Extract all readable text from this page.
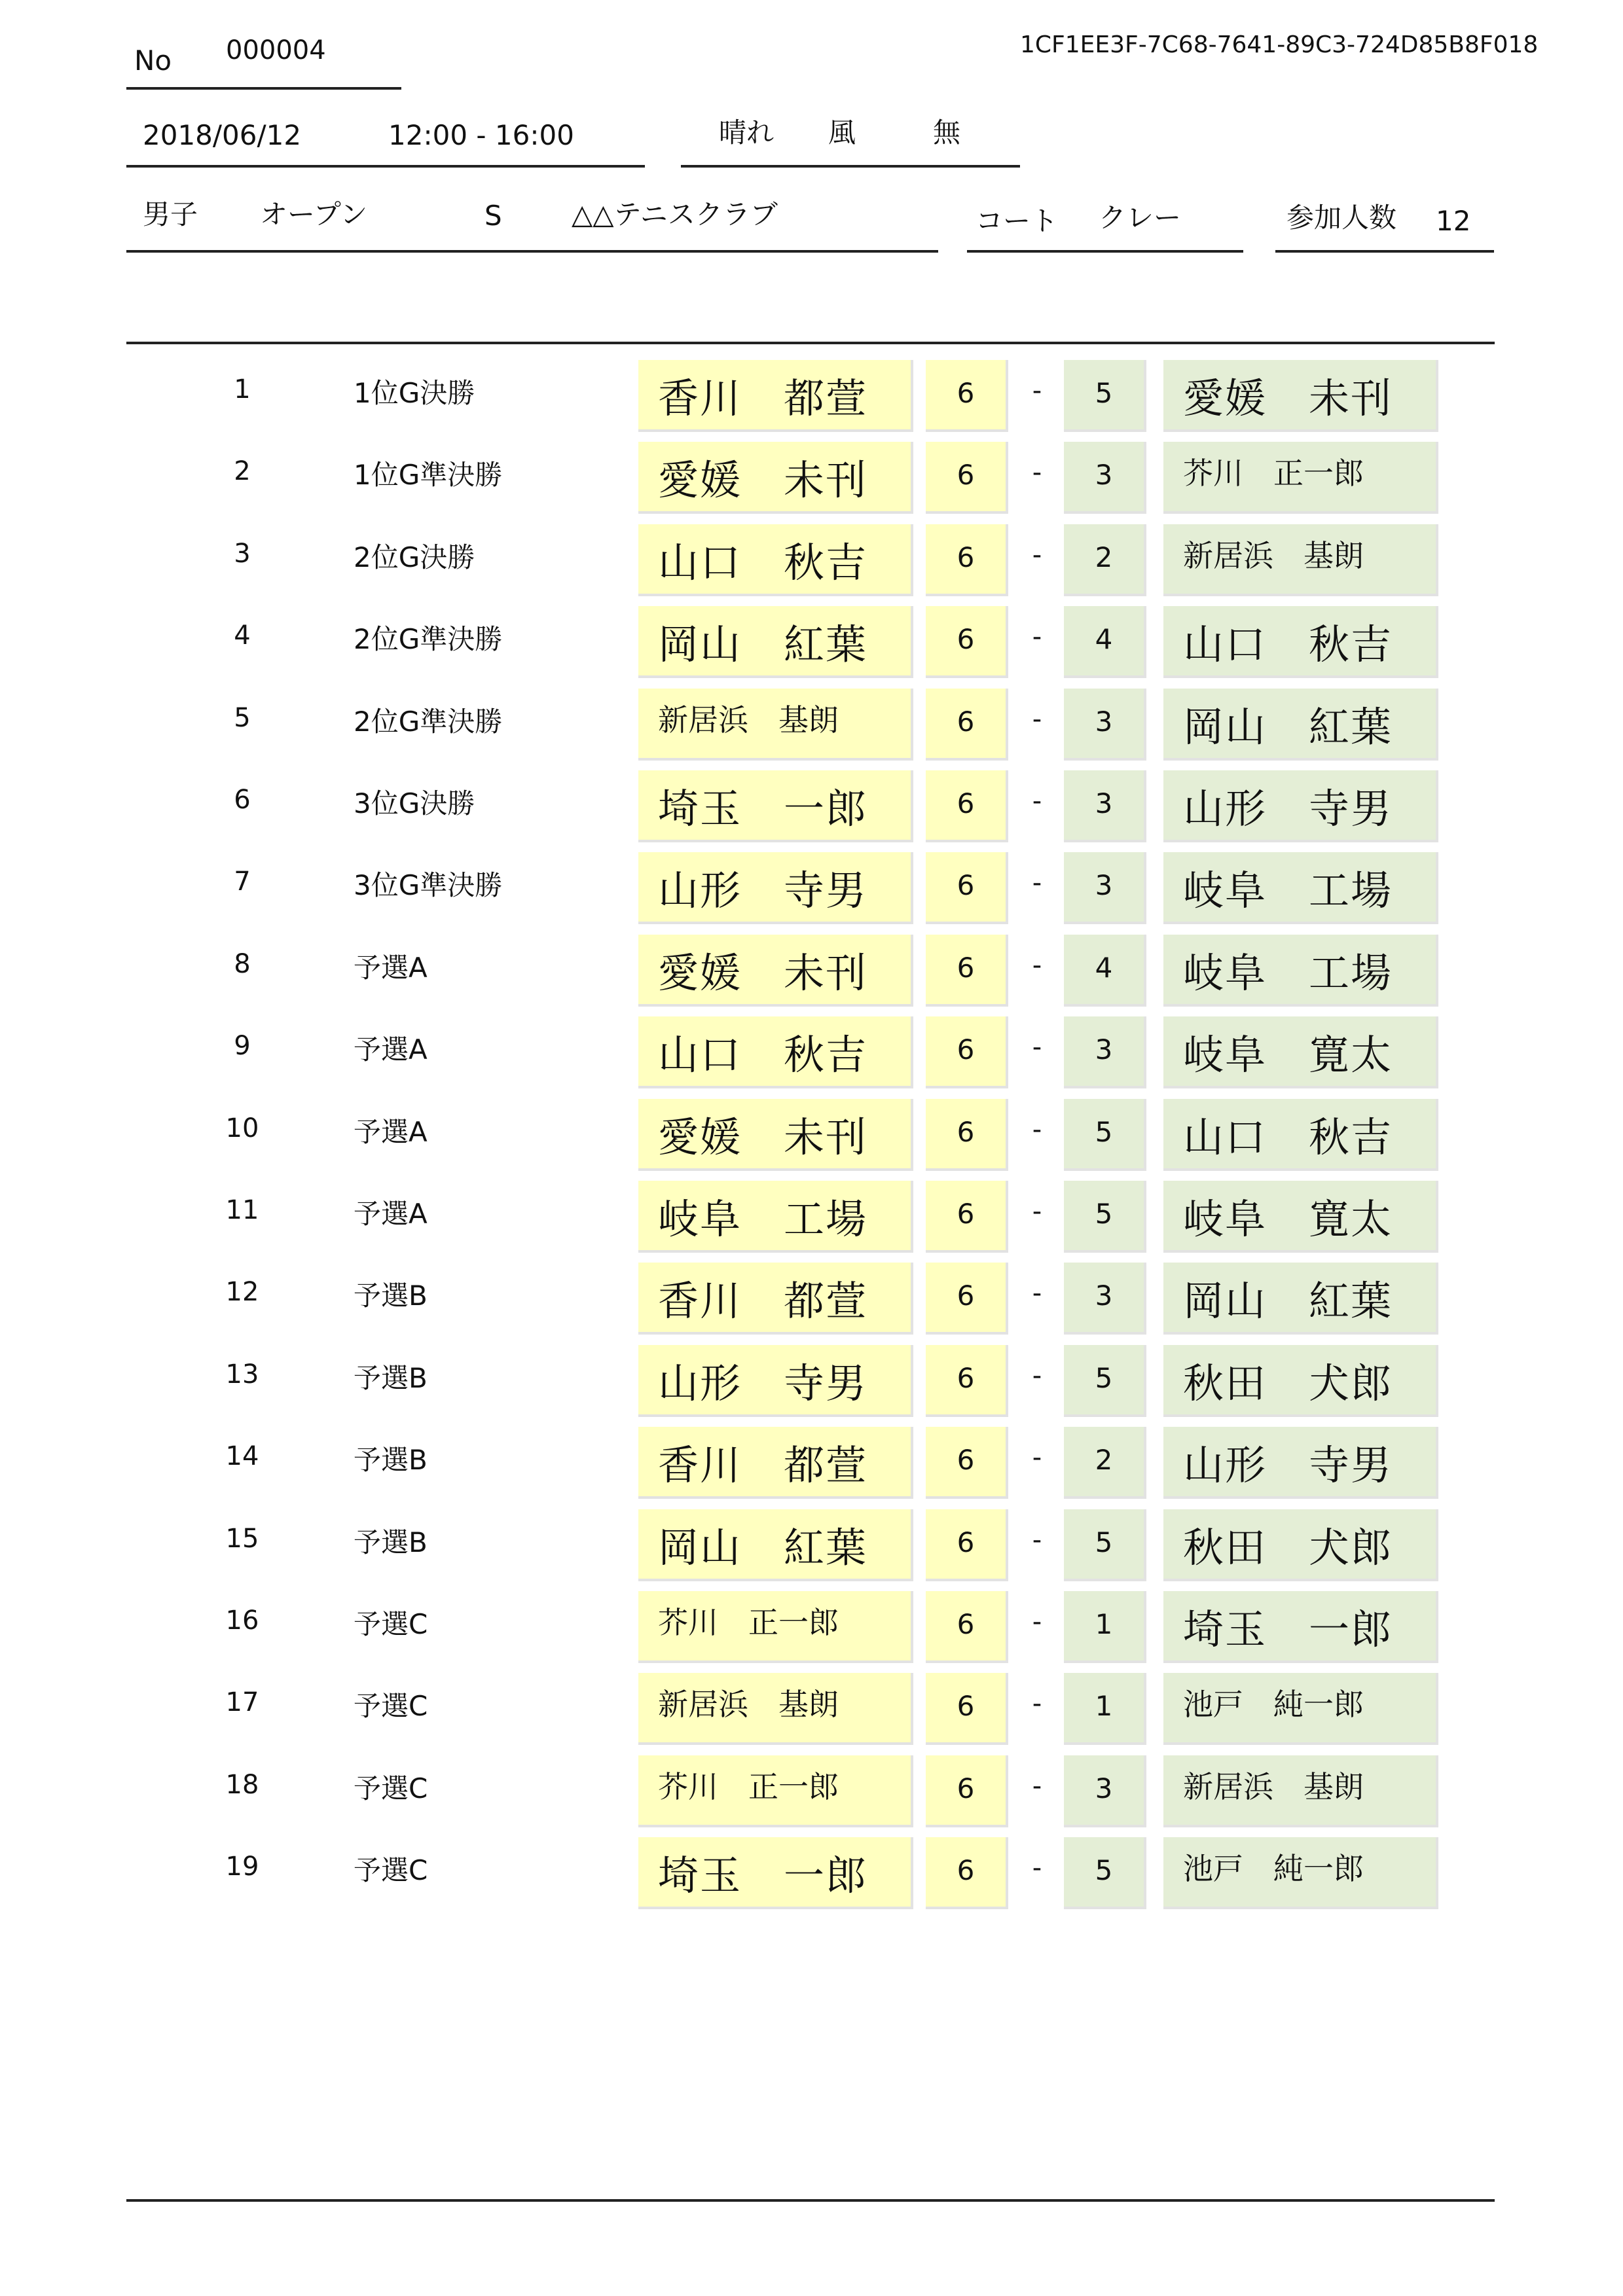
No 000004	1CF1EE3F-7C68-7641-89C3-724D85B8F018
2018/06/12	12:00 - 16:00	晴れ 風	無
男子 オープン	S	△△テニスクラブ	コート クレー	参加人数 12
1	1位G決勝	香川　都萱	6	-	5	愛媛　未刊
2	1位G準決勝	愛媛　未刊	6	-	3	芥川　正一郎
3	2位G決勝	山口　秋吉	6	-	2	新居浜　基朗
4	2位G準決勝	岡山　紅葉	6	-	4	山口　秋吉
5	2位G準決勝	新居浜　基朗	6	-	3	岡山　紅葉
6	3位G決勝	埼玉　一郎	6	-	3	山形　寺男
7	3位G準決勝	山形　寺男	6	-	3	岐阜　工場
8	予選A	愛媛　未刊	6	-	4	岐阜　工場
9	予選A	山口　秋吉	6	-	3	岐阜　寛太
10	予選A	愛媛　未刊	6	-	5	山口　秋吉
11	予選A	岐阜　工場	6	-	5	岐阜　寛太
12	予選B	香川　都萱	6	-	3	岡山　紅葉
13	予選B	山形　寺男	6	-	5	秋田　犬郎
14	予選B	香川　都萱	6	-	2	山形　寺男
15	予選B	岡山　紅葉	6	-	5	秋田　犬郎
16	予選C	芥川　正一郎	6	-	1	埼玉　一郎
17	予選C	新居浜　基朗	6	-	1	池戸　純一郎
18	予選C	芥川　正一郎	6	-	3	新居浜　基朗
19	予選C	埼玉　一郎	6	-	5	池戸　純一郎
